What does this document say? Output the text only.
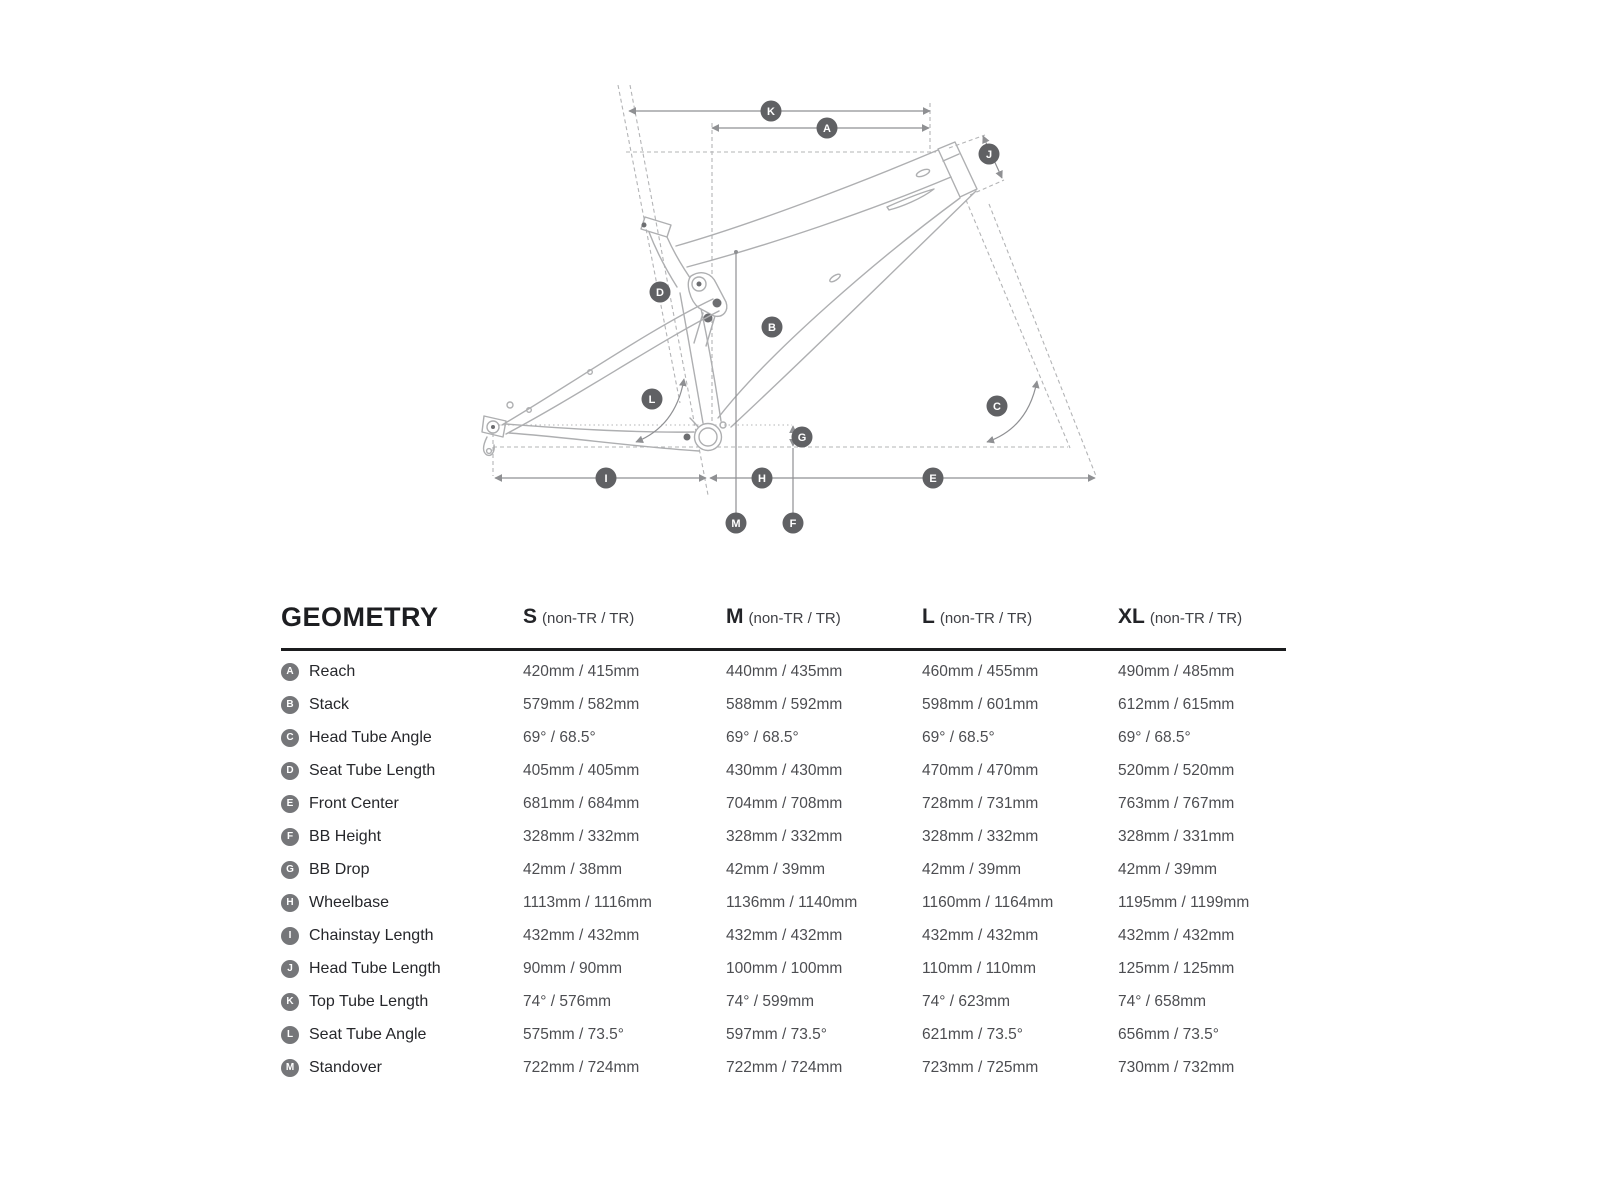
K
A
J
D
B
L
C
G
I	H	E
M	F
GEOMETRY	S (non-TR / TR)	M (non-TR / TR)	L (non-TR / TR)	XL (non-TR / TR)
A Reach	420mm / 415mm	440mm / 435mm	460mm / 455mm	490mm / 485mm
B Stack	579mm / 582mm	588mm / 592mm	598mm / 601mm	612mm / 615mm
C Head Tube Angle	69° / 68.5°	69° / 68.5°	69° / 68.5°	69° / 68.5°
D Seat Tube Length	405mm / 405mm	430mm / 430mm	470mm / 470mm	520mm / 520mm
E Front Center	681mm / 684mm	704mm / 708mm	728mm / 731mm	763mm / 767mm
F BB Height	328mm / 332mm	328mm / 332mm	328mm / 332mm	328mm / 331mm
G BB Drop	42mm / 38mm	42mm / 39mm	42mm / 39mm	42mm / 39mm
H Wheelbase	1113mm / 1116mm	1136mm / 1140mm	1160mm / 1164mm	1195mm / 1199mm
I	Chainstay Length	432mm / 432mm	432mm / 432mm	432mm / 432mm	432mm / 432mm
J	Head Tube Length	90mm / 90mm	100mm / 100mm	110mm / 110mm	125mm / 125mm
K Top Tube Length	74° / 576mm	74° / 599mm	74° / 623mm	74° / 658mm
L Seat Tube Angle	575mm / 73.5°	597mm / 73.5°	621mm / 73.5°	656mm / 73.5°
M Standover	722mm / 724mm	722mm / 724mm	723mm / 725mm	730mm / 732mm
